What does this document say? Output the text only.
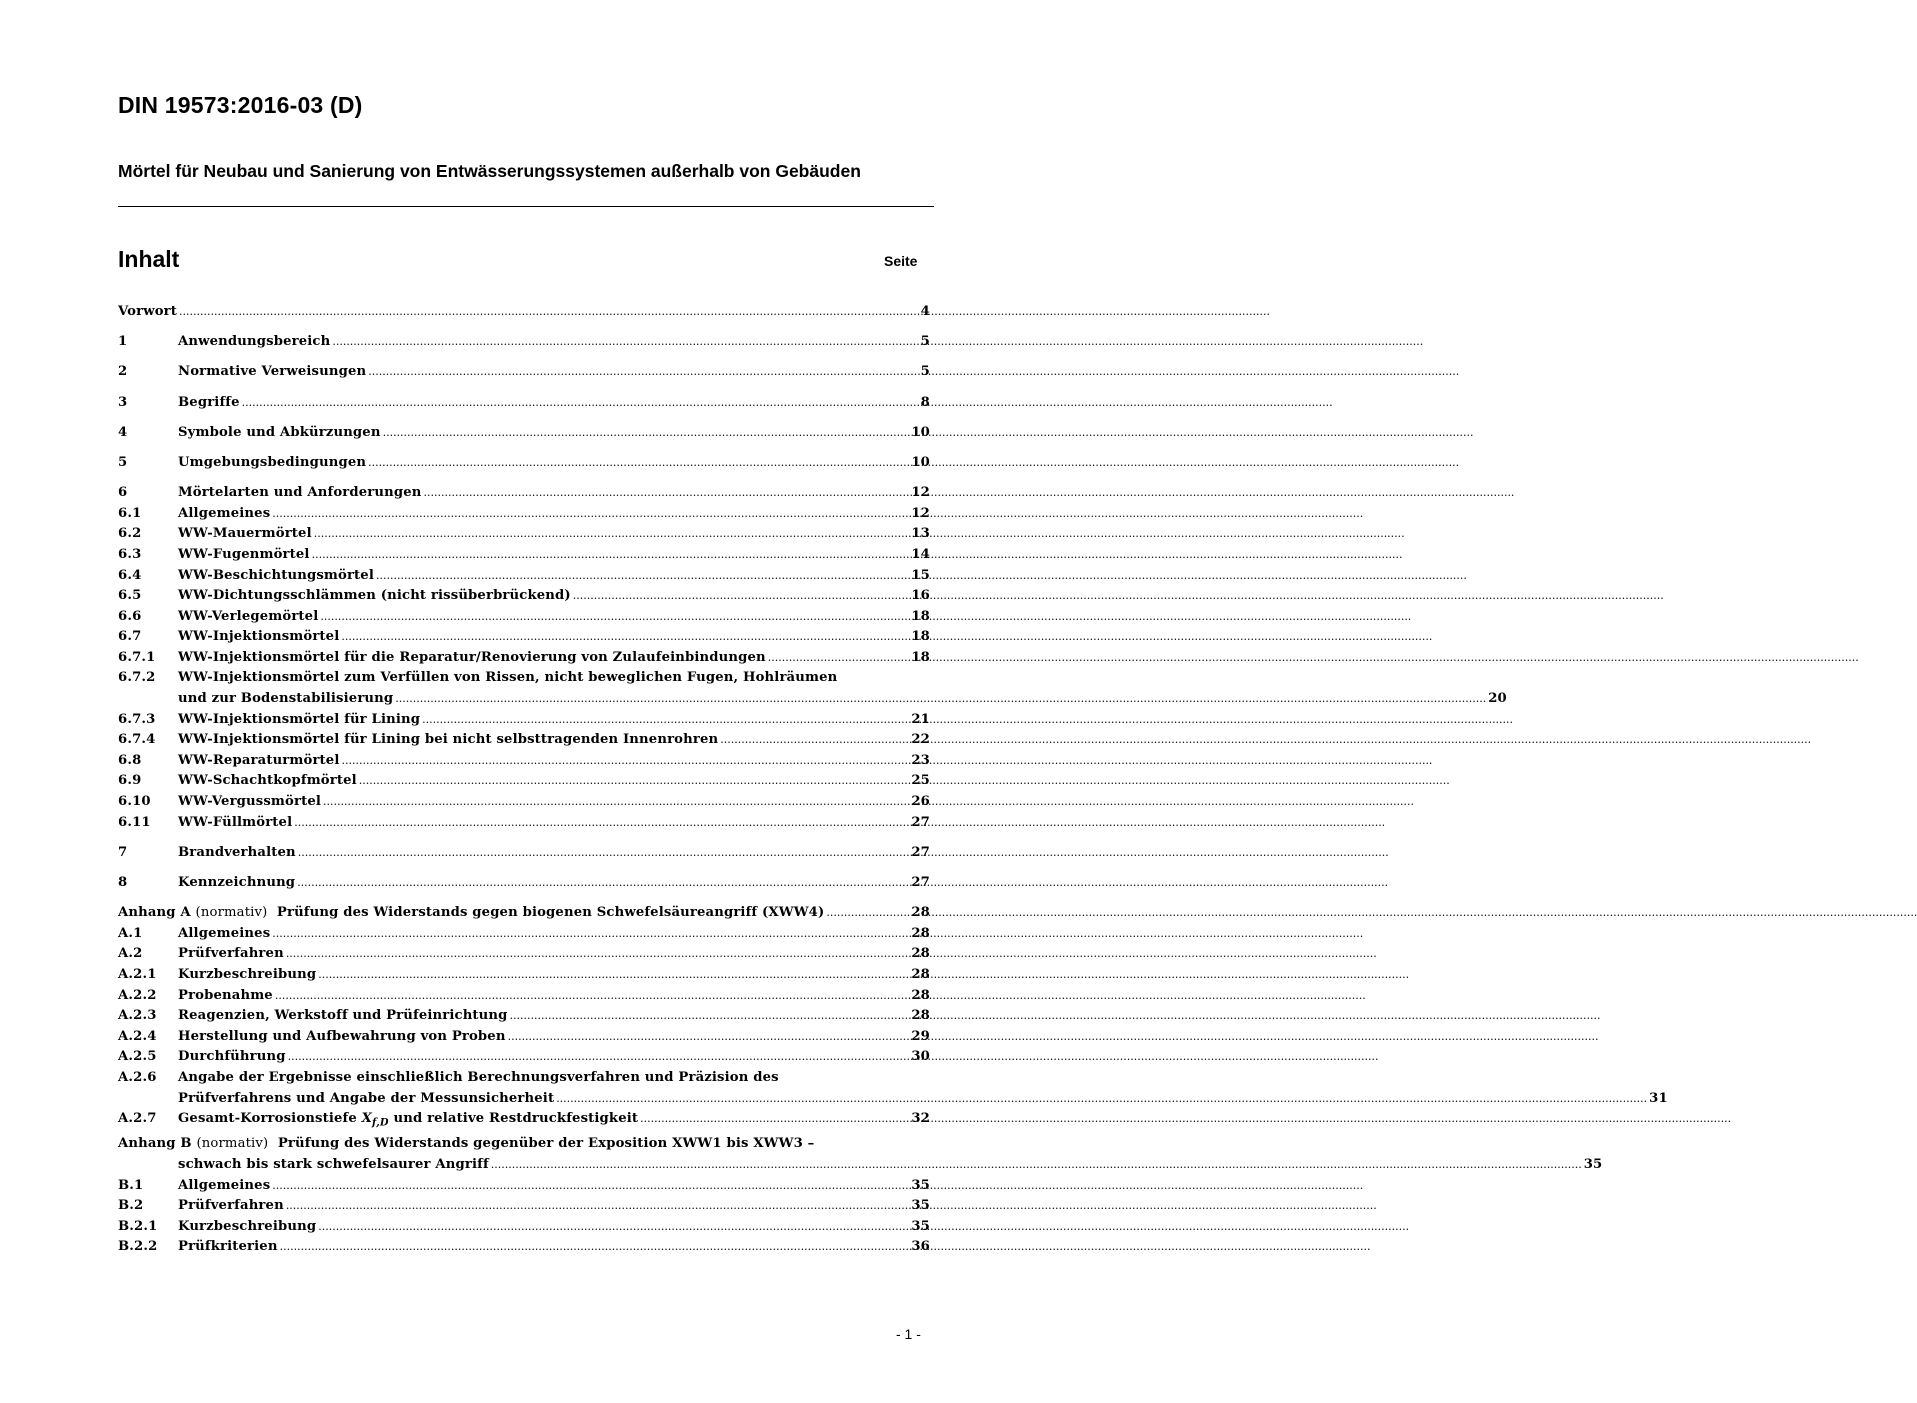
DIN 19573:2016-03 (D)
Mörtel für Neubau und Sanierung von Entwässerungssystemen außerhalb von Gebäuden
Inhalt	Seite
Vorwort .....	4
1	Anwendungsbereich .....	5
2	Normative Verweisungen .....	5
3	Begriffe .....	8
4	Symbole und Abkürzungen .....	10
5	Umgebungsbedingungen .....	10
6	Mörtelarten und Anforderungen .....	12
6.1	Allgemeines .....	12
6.2	WW-Mauermörtel .....	13
6.3	WW-Fugenmörtel .....	14
6.4	WW-Beschichtungsmörtel .....	15
6.5	WW-Dichtungsschlämmen (nicht rissüberbrückend) .....	16
6.6	WW-Verlegemörtel .....	18
6.7	WW-Injektionsmörtel .....	18
6.7.1	WW-Injektionsmörtel für die Reparatur/Renovierung von Zulaufeinbindungen .....	18
6.7.2	WW-Injektionsmörtel zum Verfüllen von Rissen, nicht beweglichen Fugen, Hohlräumen
und zur Bodenstabilisierung .....	20
6.7.3	WW-Injektionsmörtel für Lining .....	21
6.7.4	WW-Injektionsmörtel für Lining bei nicht selbsttragenden Innenrohren .....	22
6.8	WW-Reparaturmörtel .....	23
6.9	WW-Schachtkopfmörtel .....	25
6.10	WW-Vergussmörtel .....	26
6.11	WW-Füllmörtel .....	27
7	Brandverhalten .....	27
8	Kennzeichnung .....	27
Anhang A (normativ) Prüfung des Widerstands gegen biogenen Schwefelsäureangriff (XWW4) .....	28
A.1	Allgemeines .....	28
A.2	Prüfverfahren .....	28
A.2.1	Kurzbeschreibung .....	28
A.2.2	Probenahme .....	28
A.2.3	Reagenzien, Werkstoff und Prüfeinrichtung .....	28
A.2.4	Herstellung und Aufbewahrung von Proben .....	29
A.2.5	Durchführung .....	30
A.2.6	Angabe der Ergebnisse einschließlich Berechnungsverfahren und Präzision des
Prüfverfahrens und Angabe der Messunsicherheit .....	31
A.2.7	Gesamt-Korrosionstiefe $X_{f,D}$ und relative Restdruckfestigkeit .....	32
Anhang B (normativ) Prüfung des Widerstands gegenüber der Exposition XWW1 bis XWW3 –
schwach bis stark schwefelsaurer Angriff .....	35
B.1	Allgemeines .....	35
B.2	Prüfverfahren .....	35
B.2.1	Kurzbeschreibung .....	35
B.2.2	Prüfkriterien .....	36
- 1 -
